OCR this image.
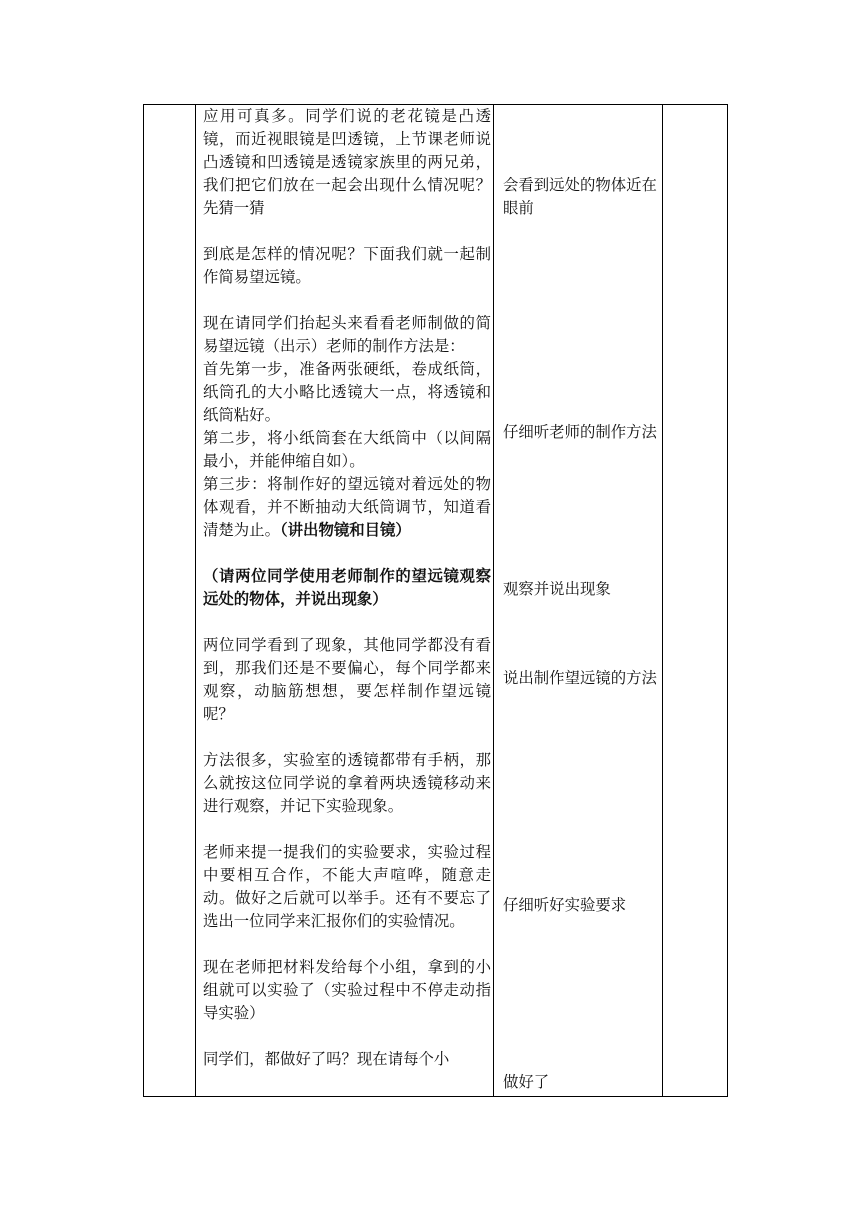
应用可真多。同学们说的老花镜是凸透镜，而近视眼镜是凹透镜，上节课老师说凸透镜和凹透镜是透镜家族里的两兄弟，我们把它们放在一起会出现什么情况呢？先猜一猜

到底是怎样的情况呢？下面我们就一起制作简易望远镜。

现在请同学们抬起头来看看老师制做的简易望远镜（出示）老师的制作方法是：

首先第一步，准备两张硬纸，卷成纸筒，纸筒孔的大小略比透镜大一点，将透镜和纸筒粘好。

第二步，将小纸筒套在大纸筒中（以间隔最小，并能伸缩自如）。

第三步：将制作好的望远镜对着远处的物体观看，并不断抽动大纸筒调节，知道看清楚为止。（讲出物镜和目镜）

（请两位同学使用老师制作的望远镜观察远处的物体，并说出现象）

两位同学看到了现象，其他同学都没有看到，那我们还是不要偏心，每个同学都来观察，动脑筋想想，要怎样制作望远镜呢？

方法很多，实验室的透镜都带有手柄，那么就按这位同学说的拿着两块透镜移动来进行观察，并记下实验现象。

老师来提一提我们的实验要求，实验过程中要相互合作，不能大声喧哗，随意走动。做好之后就可以举手。还有不要忘了选出一位同学来汇报你们的实验情况。

现在老师把材料发给每个小组，拿到的小组就可以实验了（实验过程中不停走动指导实验）

同学们，都做好了吗？现在请每个小

会看到远处的物体近在眼前

仔细听老师的制作方法

观察并说出现象

说出制作望远镜的方法

仔细听好实验要求

做好了
